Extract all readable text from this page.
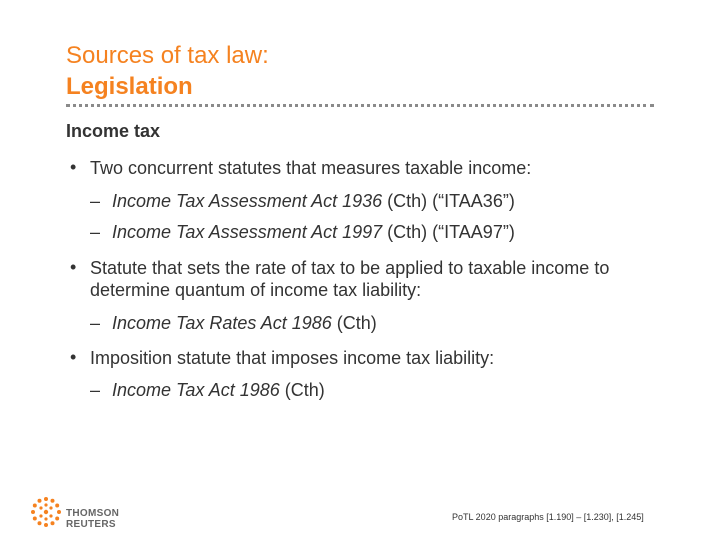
Sources of tax law:
Legislation
Income tax
• Two concurrent statutes that measures taxable income:
– Income Tax Assessment Act 1936 (Cth) (“ITAA36”)
– Income Tax Assessment Act 1997 (Cth) (“ITAA97”)
• Statute that sets the rate of tax to be applied to taxable income to determine quantum of income tax liability:
– Income Tax Rates Act 1986 (Cth)
• Imposition statute that imposes income tax liability:
– Income Tax Act 1986 (Cth)
THOMSON REUTERS
PoTL 2020 paragraphs [1.190] – [1.230], [1.245]
